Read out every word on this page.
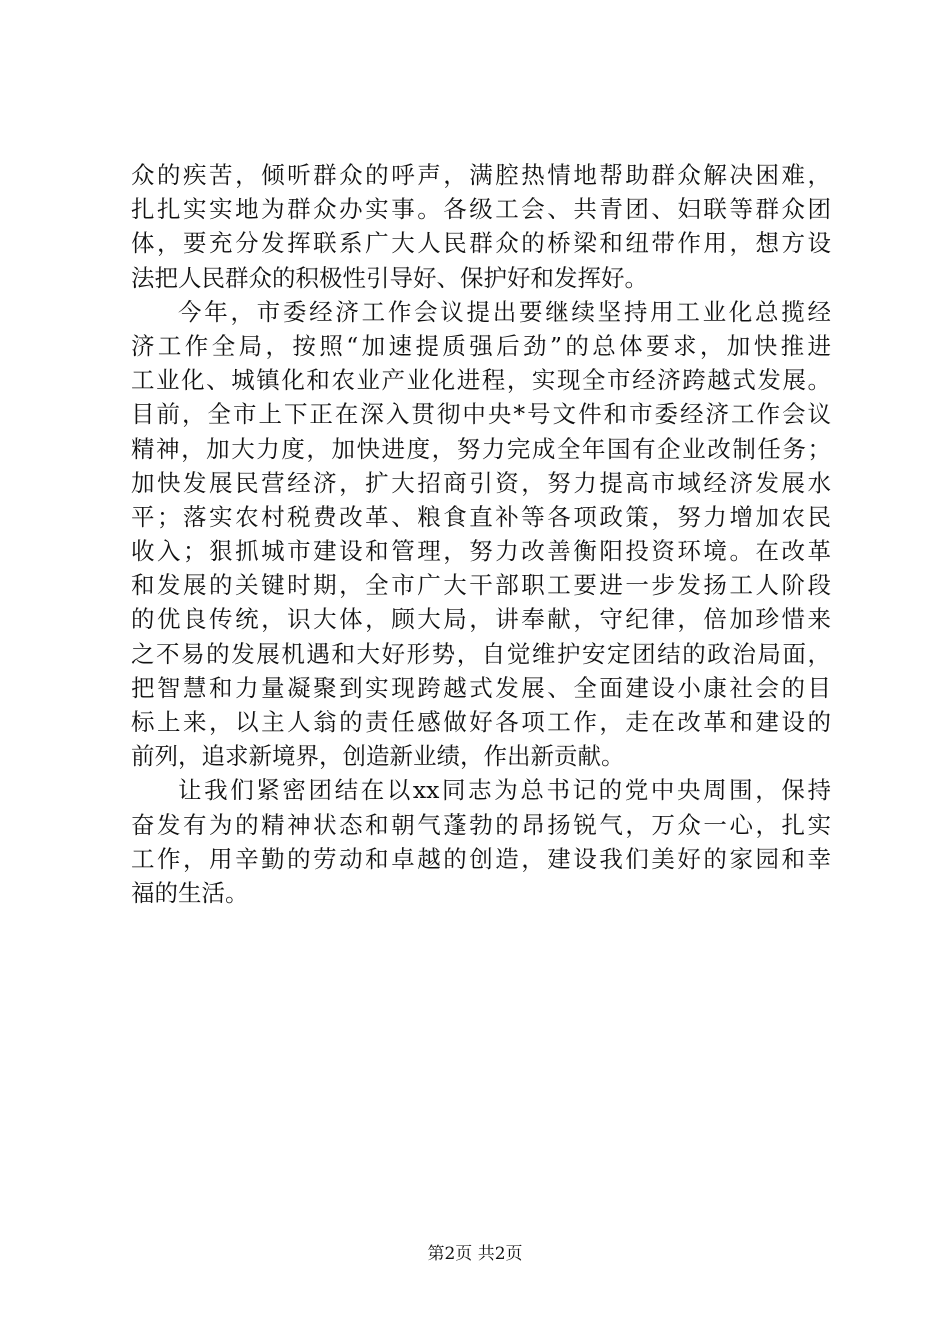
众的疾苦，倾听群众的呼声，满腔热情地帮助群众解决困难，
扎扎实实地为群众办实事。各级工会、共青团、妇联等群众团
体，要充分发挥联系广大人民群众的桥梁和纽带作用，想方设
法把人民群众的积极性引导好、保护好和发挥好。
今年，市委经济工作会议提出要继续坚持用工业化总揽经
济工作全局，按照“加速提质强后劲”的总体要求，加快推进
工业化、城镇化和农业产业化进程，实现全市经济跨越式发展。
目前，全市上下正在深入贯彻中央*号文件和市委经济工作会议
精神，加大力度，加快进度，努力完成全年国有企业改制任务；
加快发展民营经济，扩大招商引资，努力提高市域经济发展水
平；落实农村税费改革、粮食直补等各项政策，努力增加农民
收入；狠抓城市建设和管理，努力改善衡阳投资环境。在改革
和发展的关键时期，全市广大干部职工要进一步发扬工人阶段
的优良传统，识大体，顾大局，讲奉献，守纪律，倍加珍惜来
之不易的发展机遇和大好形势，自觉维护安定团结的政治局面，
把智慧和力量凝聚到实现跨越式发展、全面建设小康社会的目
标上来，以主人翁的责任感做好各项工作，走在改革和建设的
前列，追求新境界，创造新业绩，作出新贡献。
让我们紧密团结在以xx同志为总书记的党中央周围，保持
奋发有为的精神状态和朝气蓬勃的昂扬锐气，万众一心，扎实
工作，用辛勤的劳动和卓越的创造，建设我们美好的家园和幸
福的生活。
第2页 共2页
